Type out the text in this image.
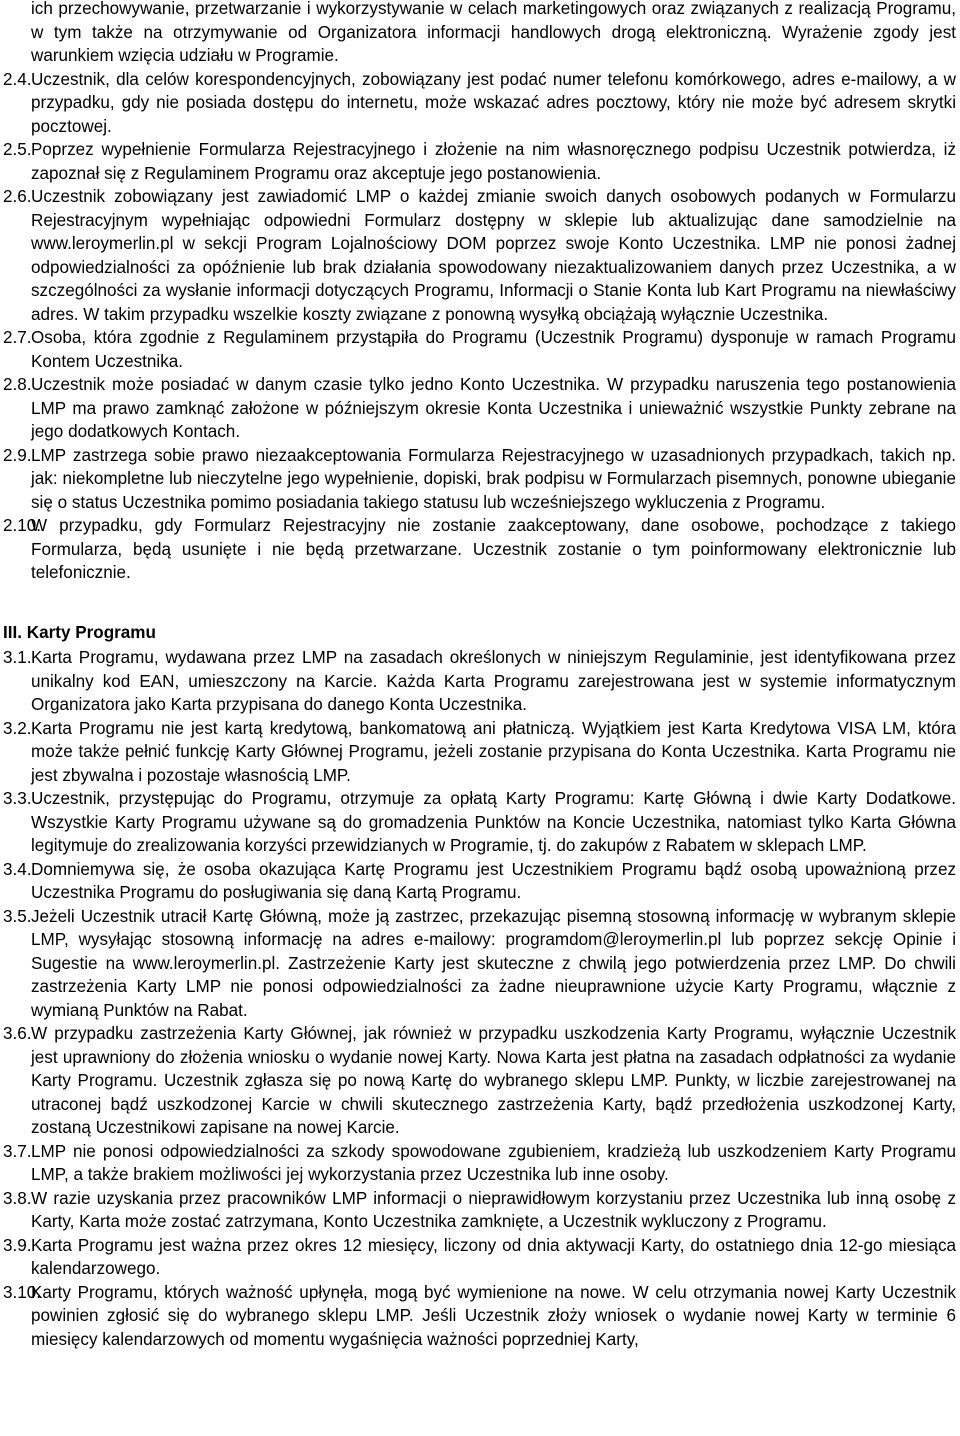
ich przechowywanie, przetwarzanie i wykorzystywanie w celach marketingowych oraz związanych z realizacją Programu, w tym także na otrzymywanie od Organizatora informacji handlowych drogą elektroniczną. Wyrażenie zgody jest warunkiem wzięcia udziału w Programie.
2.4. Uczestnik, dla celów korespondencyjnych, zobowiązany jest podać numer telefonu komórkowego, adres e-mailowy, a w przypadku, gdy nie posiada dostępu do internetu, może wskazać adres pocztowy, który nie może być adresem skrytki pocztowej.
2.5. Poprzez wypełnienie Formularza Rejestracyjnego i złożenie na nim własnoręcznego podpisu Uczestnik potwierdza, iż zapoznał się z Regulaminem Programu oraz akceptuje jego postanowienia.
2.6. Uczestnik zobowiązany jest zawiadomić LMP o każdej zmianie swoich danych osobowych podanych w Formularzu Rejestracyjnym wypełniając odpowiedni Formularz dostępny w sklepie lub aktualizując dane samodzielnie na www.leroymerlin.pl w sekcji Program Lojalnościowy DOM poprzez swoje Konto Uczestnika. LMP nie ponosi żadnej odpowiedzialności za opóźnienie lub brak działania spowodowany niezaktualizowaniem danych przez Uczestnika, a w szczególności za wysłanie informacji dotyczących Programu, Informacji o Stanie Konta lub Kart Programu na niewłaściwy adres. W takim przypadku wszelkie koszty związane z ponowną wysyłką obciążają wyłącznie Uczestnika.
2.7. Osoba, która zgodnie z Regulaminem przystąpiła do Programu (Uczestnik Programu) dysponuje w ramach Programu Kontem Uczestnika.
2.8. Uczestnik może posiadać w danym czasie tylko jedno Konto Uczestnika. W przypadku naruszenia tego postanowienia LMP ma prawo zamknąć założone w późniejszym okresie Konta Uczestnika i unieważnić wszystkie Punkty zebrane na jego dodatkowych Kontach.
2.9. LMP zastrzega sobie prawo niezaakceptowania Formularza Rejestracyjnego w uzasadnionych przypadkach, takich np. jak: niekompletne lub nieczytelne jego wypełnienie, dopiski, brak podpisu w Formularzach pisemnych, ponowne ubieganie się o status Uczestnika pomimo posiadania takiego statusu lub wcześniejszego wykluczenia z Programu.
2.10.
W przypadku, gdy Formularz Rejestracyjny nie zostanie zaakceptowany, dane osobowe, pochodzące z takiego Formularza, będą usunięte i nie będą przetwarzane. Uczestnik zostanie o tym poinformowany elektronicznie lub telefonicznie.
III. Karty Programu
3.1. Karta Programu, wydawana przez LMP na zasadach określonych w niniejszym Regulaminie, jest identyfikowana przez unikalny kod EAN, umieszczony na Karcie. Każda Karta Programu zarejestrowana jest w systemie informatycznym Organizatora jako Karta przypisana do danego Konta Uczestnika.
3.2. Karta Programu nie jest kartą kredytową, bankomatową ani płatniczą. Wyjątkiem jest Karta Kredytowa VISA LM, która może także pełnić funkcję Karty Głównej Programu, jeżeli zostanie przypisana do Konta Uczestnika. Karta Programu nie jest zbywalna i pozostaje własnością LMP.
3.3. Uczestnik, przystępując do Programu, otrzymuje za opłatą Karty Programu: Kartę Główną i dwie Karty Dodatkowe. Wszystkie Karty Programu używane są do gromadzenia Punktów na Koncie Uczestnika, natomiast tylko Karta Główna legitymuje do zrealizowania korzyści przewidzianych w Programie, tj. do zakupów z Rabatem w sklepach LMP.
3.4. Domniemywa się, że osoba okazująca Kartę Programu jest Uczestnikiem Programu bądź osobą upoważnioną przez Uczestnika Programu do posługiwania się daną Kartą Programu.
3.5. Jeżeli Uczestnik utracił Kartę Główną, może ją zastrzec, przekazując pisemną stosowną informację w wybranym sklepie LMP, wysyłając stosowną informację na adres e-mailowy: programdom@leroymerlin.pl lub poprzez sekcję Opinie i Sugestie na www.leroymerlin.pl. Zastrzeżenie Karty jest skuteczne z chwilą jego potwierdzenia przez LMP. Do chwili zastrzeżenia Karty LMP nie ponosi odpowiedzialności za żadne nieuprawnione użycie Karty Programu, włącznie z wymianą Punktów na Rabat.
3.6. W przypadku zastrzeżenia Karty Głównej, jak również w przypadku uszkodzenia Karty Programu, wyłącznie Uczestnik jest uprawniony do złożenia wniosku o wydanie nowej Karty. Nowa Karta jest płatna na zasadach odpłatności za wydanie Karty Programu. Uczestnik zgłasza się po nową Kartę do wybranego sklepu LMP. Punkty, w liczbie zarejestrowanej na utraconej bądź uszkodzonej Karcie w chwili skutecznego zastrzeżenia Karty, bądź przedłożenia uszkodzonej Karty, zostaną Uczestnikowi zapisane na nowej Karcie.
3.7. LMP nie ponosi odpowiedzialności za szkody spowodowane zgubieniem, kradzieżą lub uszkodzeniem Karty Programu LMP, a także brakiem możliwości jej wykorzystania przez Uczestnika lub inne osoby.
3.8. W razie uzyskania przez pracowników LMP informacji o nieprawidłowym korzystaniu przez Uczestnika lub inną osobę z Karty, Karta może zostać zatrzymana, Konto Uczestnika zamknięte, a Uczestnik wykluczony z Programu.
3.9. Karta Programu jest ważna przez okres 12 miesięcy, liczony od dnia aktywacji Karty, do ostatniego dnia 12-go miesiąca kalendarzowego.
3.10.
Karty Programu, których ważność upłynęła, mogą być wymienione na nowe. W celu otrzymania nowej Karty Uczestnik powinien zgłosić się do wybranego sklepu LMP. Jeśli Uczestnik złoży wniosek o wydanie nowej Karty w terminie 6 miesięcy kalendarzowych od momentu wygaśnięcia ważności poprzedniej Karty,
